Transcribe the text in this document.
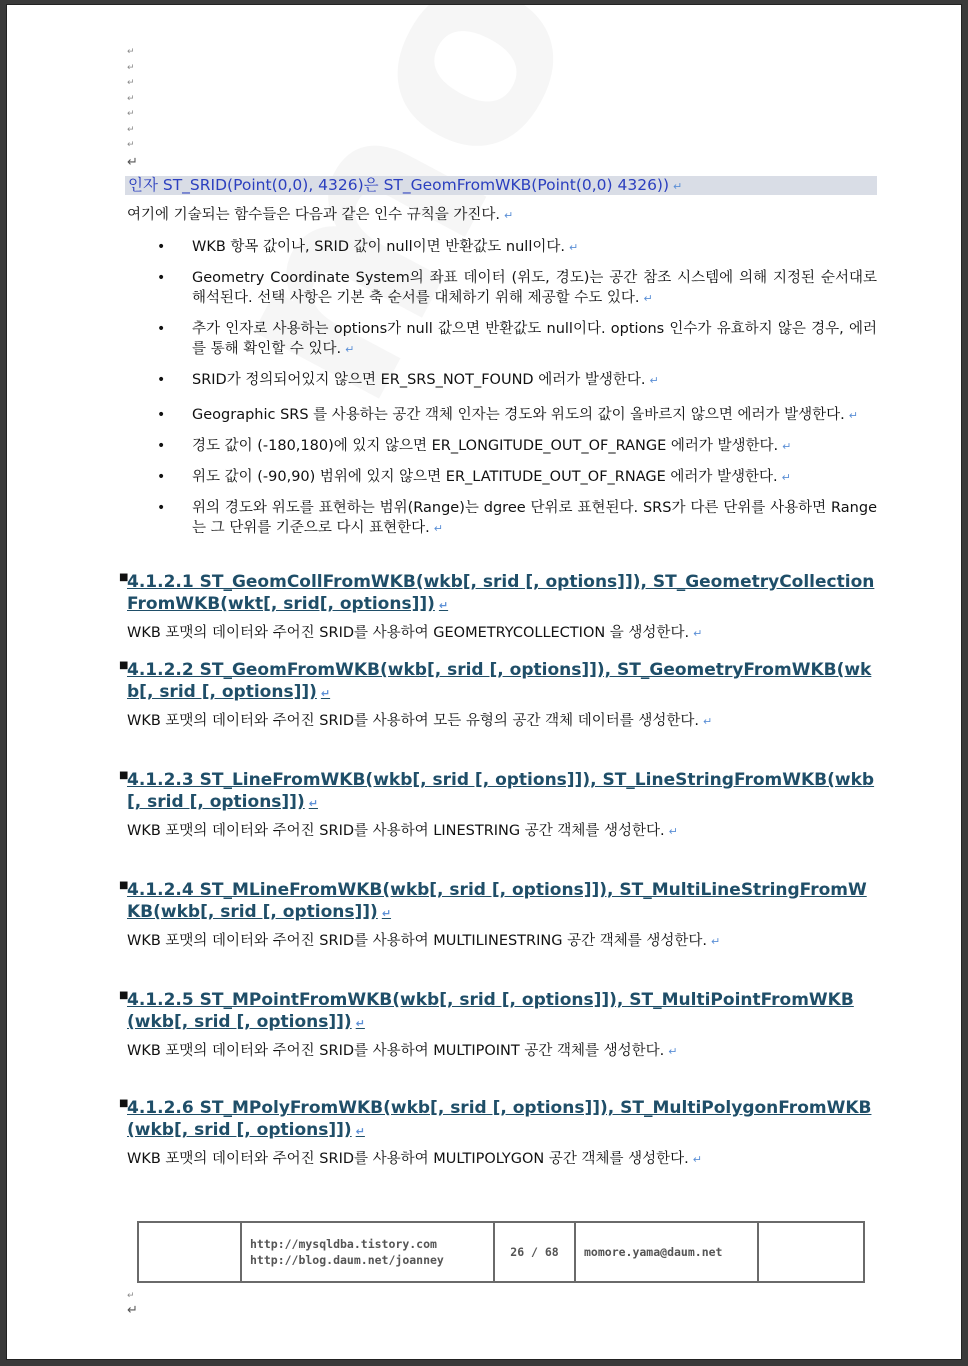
↵
↵
↵
↵
↵
↵
↵
↵
인자 ST_SRID(Point(0,0), 4326)은 ST_GeomFromWKB(Point(0,0) 4326)) ↵
여기에 기술되는 함수들은 다음과 같은 인수 규칙을 가진다. ↵
• WKB 항목 값이나, SRID 값이 null이면 반환값도 null이다. ↵
• Geometry Coordinate System의 좌표 데이터 (위도, 경도)는 공간 참조 시스템에 의해 지정된 순서대로 해석된다. 선택 사항은 기본 축 순서를 대체하기 위해 제공할 수도 있다. ↵
• 추가 인자로 사용하는 options가 null 값으면 반환값도 null이다. options 인수가 유효하지 않은 경우, 에러를 통해 확인할 수 있다. ↵
• SRID가 정의되어있지 않으면 ER_SRS_NOT_FOUND 에러가 발생한다. ↵
• Geographic SRS 를 사용하는 공간 객체 인자는 경도와 위도의 값이 올바르지 않으면 에러가 발생한다. ↵
• 경도 값이 (-180,180)에 있지 않으면 ER_LONGITUDE_OUT_OF_RANGE 에러가 발생한다. ↵
• 위도 값이 (-90,90) 범위에 있지 않으면 ER_LATITUDE_OUT_OF_RNAGE 에러가 발생한다. ↵
• 위의 경도와 위도를 표현하는 범위(Range)는 dgree 단위로 표현된다. SRS가 다른 단위를 사용하면 Range는 그 단위를 기준으로 다시 표현한다. ↵
■
4.1.2.1 ST_GeomCollFromWKB(wkb[, srid [, options]]), ST_GeometryCollectionFromWKB(wkt[, srid[, options]]) ↵

WKB 포맷의 데이터와 주어진 SRID를 사용하여 GEOMETRYCOLLECTION 을 생성한다. ↵

■
4.1.2.2 ST_GeomFromWKB(wkb[, srid [, options]]), ST_GeometryFromWKB(wkb[, srid [, options]]) ↵

WKB 포맷의 데이터와 주어진 SRID를 사용하여 모든 유형의 공간 객체 데이터를 생성한다. ↵

■
4.1.2.3 ST_LineFromWKB(wkb[, srid [, options]]), ST_LineStringFromWKB(wkb[, srid [, options]]) ↵

WKB 포맷의 데이터와 주어진 SRID를 사용하여 LINESTRING 공간 객체를 생성한다. ↵

■
4.1.2.4 ST_MLineFromWKB(wkb[, srid [, options]]), ST_MultiLineStringFromWKB(wkb[, srid [, options]]) ↵

WKB 포맷의 데이터와 주어진 SRID를 사용하여 MULTILINESTRING 공간 객체를 생성한다. ↵

■
4.1.2.5 ST_MPointFromWKB(wkb[, srid [, options]]), ST_MultiPointFromWKB(wkb[, srid [, options]]) ↵

WKB 포맷의 데이터와 주어진 SRID를 사용하여 MULTIPOINT 공간 객체를 생성한다. ↵

■
4.1.2.6 ST_MPolyFromWKB(wkb[, srid [, options]]), ST_MultiPolygonFromWKB(wkb[, srid [, options]]) ↵

WKB 포맷의 데이터와 주어진 SRID를 사용하여 MULTIPOLYGON 공간 객체를 생성한다. ↵

http://mysqldba.tistory.com
http://blog.daum.net/joanney
	26 / 68	momore.yama@daum.net	
↵
↵
